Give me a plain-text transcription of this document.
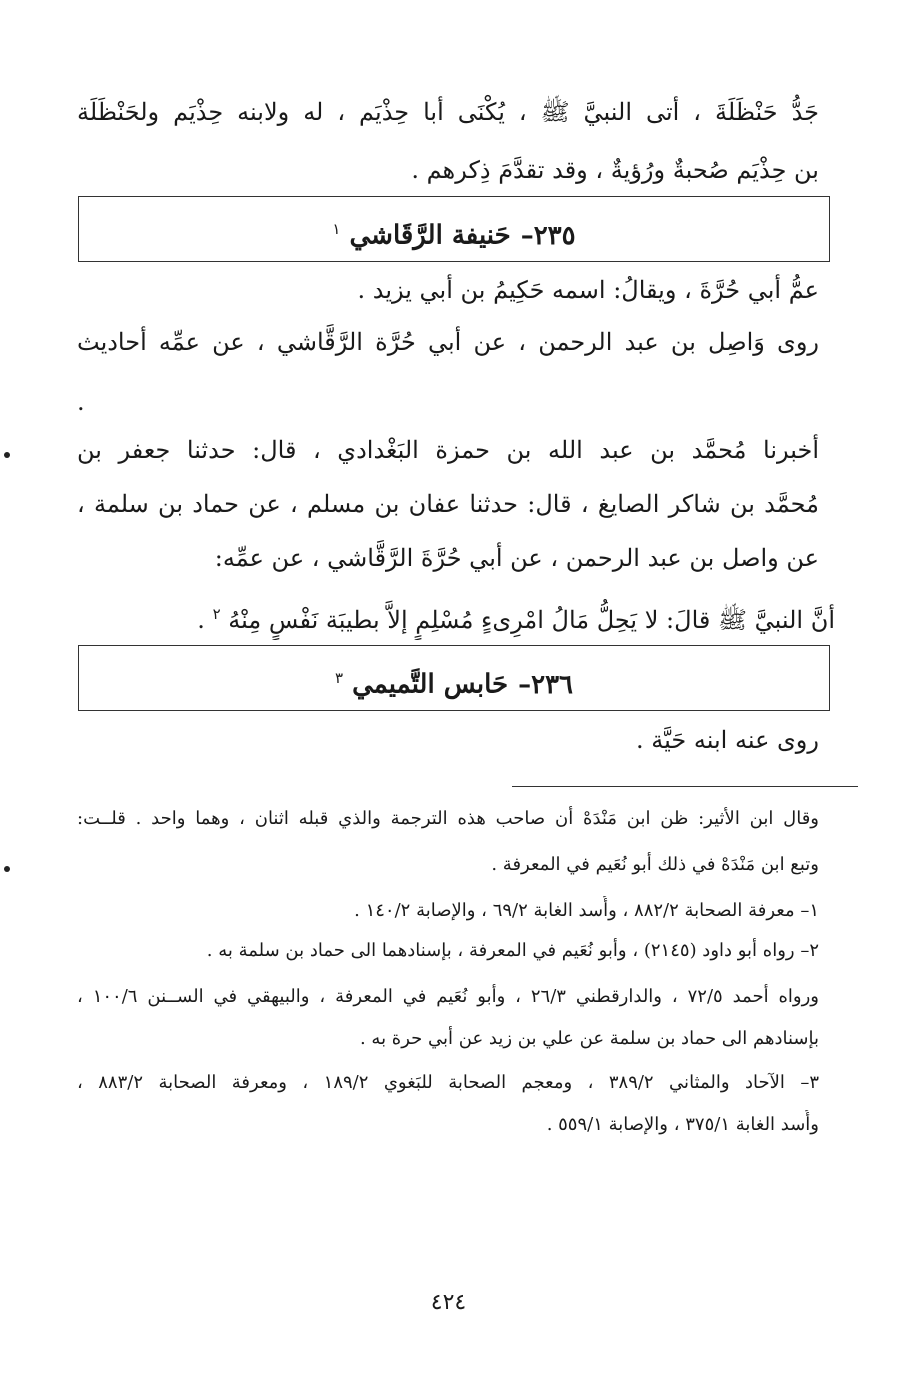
جَدُّ حَنْظَلَةَ ، أتى النبيَّ ﷺ ، يُكْنَى أبا حِذْيَم ، له ولابنه حِذْيَم ولحَنْظَلَة
بن حِذْيَم صُحبةٌ ورُؤيةٌ ، وقد تقدَّمَ ذِكرهم .
٢٣٥–حَنيفة الرَّقَاشي $^١$
عمُّ أبي حُرَّةَ ، ويقالُ: اسمه حَكِيمُ بن أبي يزيد .
روى وَاصِل بن عبد الرحمن ، عن أبي حُرَّة الرَّقَّاشي ، عن عمِّه أحاديث
.
أخبرنا مُحمَّد بن عبد الله بن حمزة البَغْدادي ، قال: حدثنا جعفر بن
مُحمَّد بن شاكر الصايغ ، قال: حدثنا عفان بن مسلم ، عن حماد بن سلمة ،
عن واصل بن عبد الرحمن ، عن أبي حُرَّةَ الرَّقَّاشي ، عن عمِّه:
أنَّ النبيَّ ﷺ قالَ: لا يَحِلُّ مَالُ امْرِىءٍ مُسْلِمٍ إلاَّ بطيبَة نَفْسٍ مِنْهُ $^٢$ .
٢٣٦–حَابس التَّميمي $^٣$
روى عنه ابنه حَيَّة .
وقال ابن الأثير: ظن ابن مَنْدَهْ أن صاحب هذه الترجمة والذي قبله اثنان ، وهما واحد . قلــت:
وتبع ابن مَنْدَهْ في ذلك أبو نُعَيم في المعرفة .
١– معرفة الصحابة ٨٨٢/٢ ، وأُسد الغابة ٦٩/٢ ، والإصابة ١٤٠/٢ .
٢– رواه أبو داود (٢١٤٥) ، وأبو نُعَيم في المعرفة ، بإسنادهما الى حماد بن سلمة به .
ورواه أحمد ٧٢/٥ ، والدارقطني ٢٦/٣ ، وأبو نُعَيم في المعرفة ، والبيهقي في الســنن ١٠٠/٦ ،
بإسنادهم الى حماد بن سلمة عن علي بن زيد عن أبي حرة به .
٣– الآحاد والمثاني ٣٨٩/٢ ، ومعجم الصحابة للبَغوي ١٨٩/٢ ، ومعرفة الصحابة ٨٨٣/٢ ،
وأُسد الغابة ٣٧٥/١ ، والإصابة ٥٥٩/١ .
٤٢٤
